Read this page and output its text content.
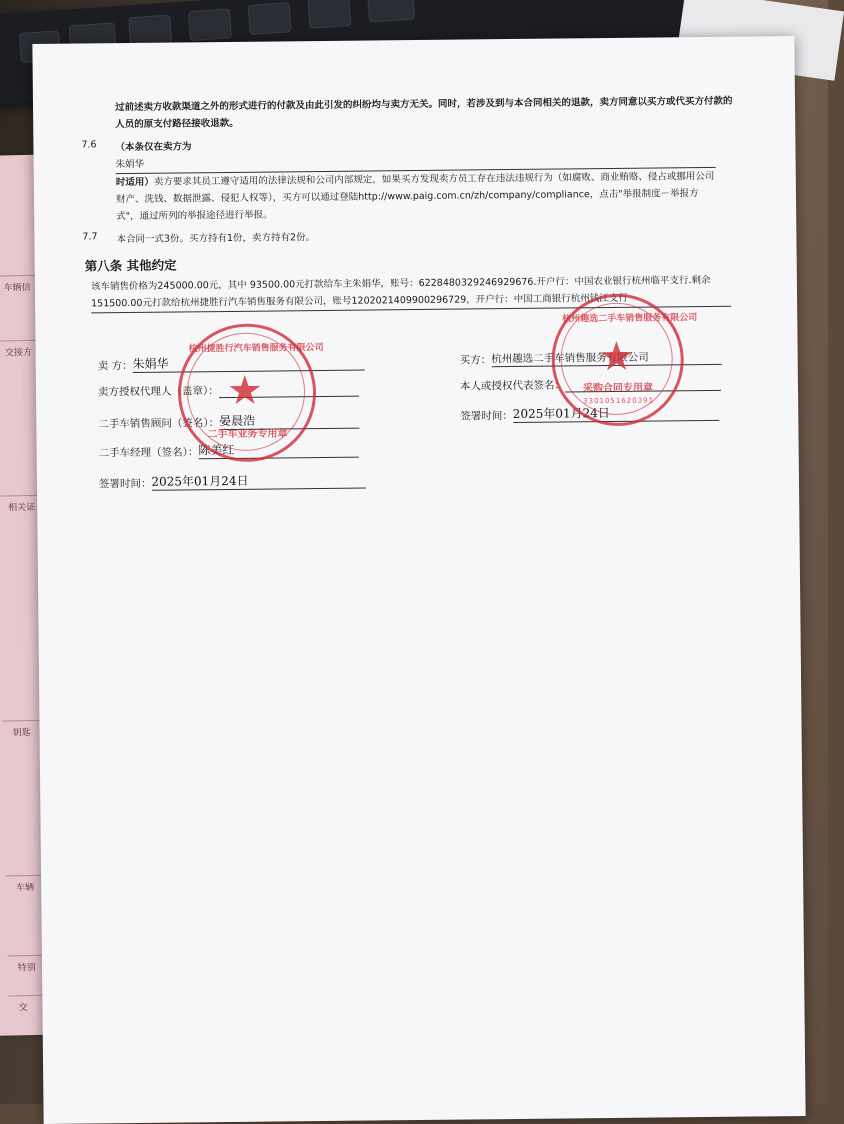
车辆信
交接方
相关证
钥匙
车辆
特别
交

过前述卖方收款渠道之外的形式进行的付款及由此引发的纠纷均与卖方无关。同时，若涉及到与本合同相关的退款，卖方同意以买方或代买方付款的人员的原支付路径接收退款。

7.6 （本条仅在卖方为
朱娟华

时适用）卖方要求其员工遵守适用的法律法规和公司内部规定，如果买方发现卖方员工存在违法违规行为（如腐败、商业贿赂、侵占或挪用公司财产、洗钱、数据泄露、侵犯人权等），买方可以通过登陆http://www.paig.com.cn/zh/company/compliance，点击"举报制度－举报方式"，通过所列的举报途径进行举报。

7.7 本合同一式3份。买方持有1份，卖方持有2份。

第八条 其他约定

该车销售价格为245000.00元，其中 93500.00元打款给车主朱娟华，账号：6228480329246929676.开户行：中国农业银行杭州临平支行.剩余 151500.00元打款给杭州捷胜行汽车销售服务有限公司，账号1202021409900296729，开户行：中国工商银行杭州钱江支行

卖 方：朱娟华
卖方授权代理人（盖章）：
二手车销售顾问（签名）：晏晨浩
二手车经理（签名）：陈美红
签署时间：2025年01月24日
买方：杭州趣选二手车销售服务有限公司
本人或授权代表签名：
签署时间：2025年01月24日
★
杭州捷胜行汽车销售服务有限公司
二手车业务专用章
★
杭州趣选二手车销售服务有限公司
采购合同专用章
3301051620391
